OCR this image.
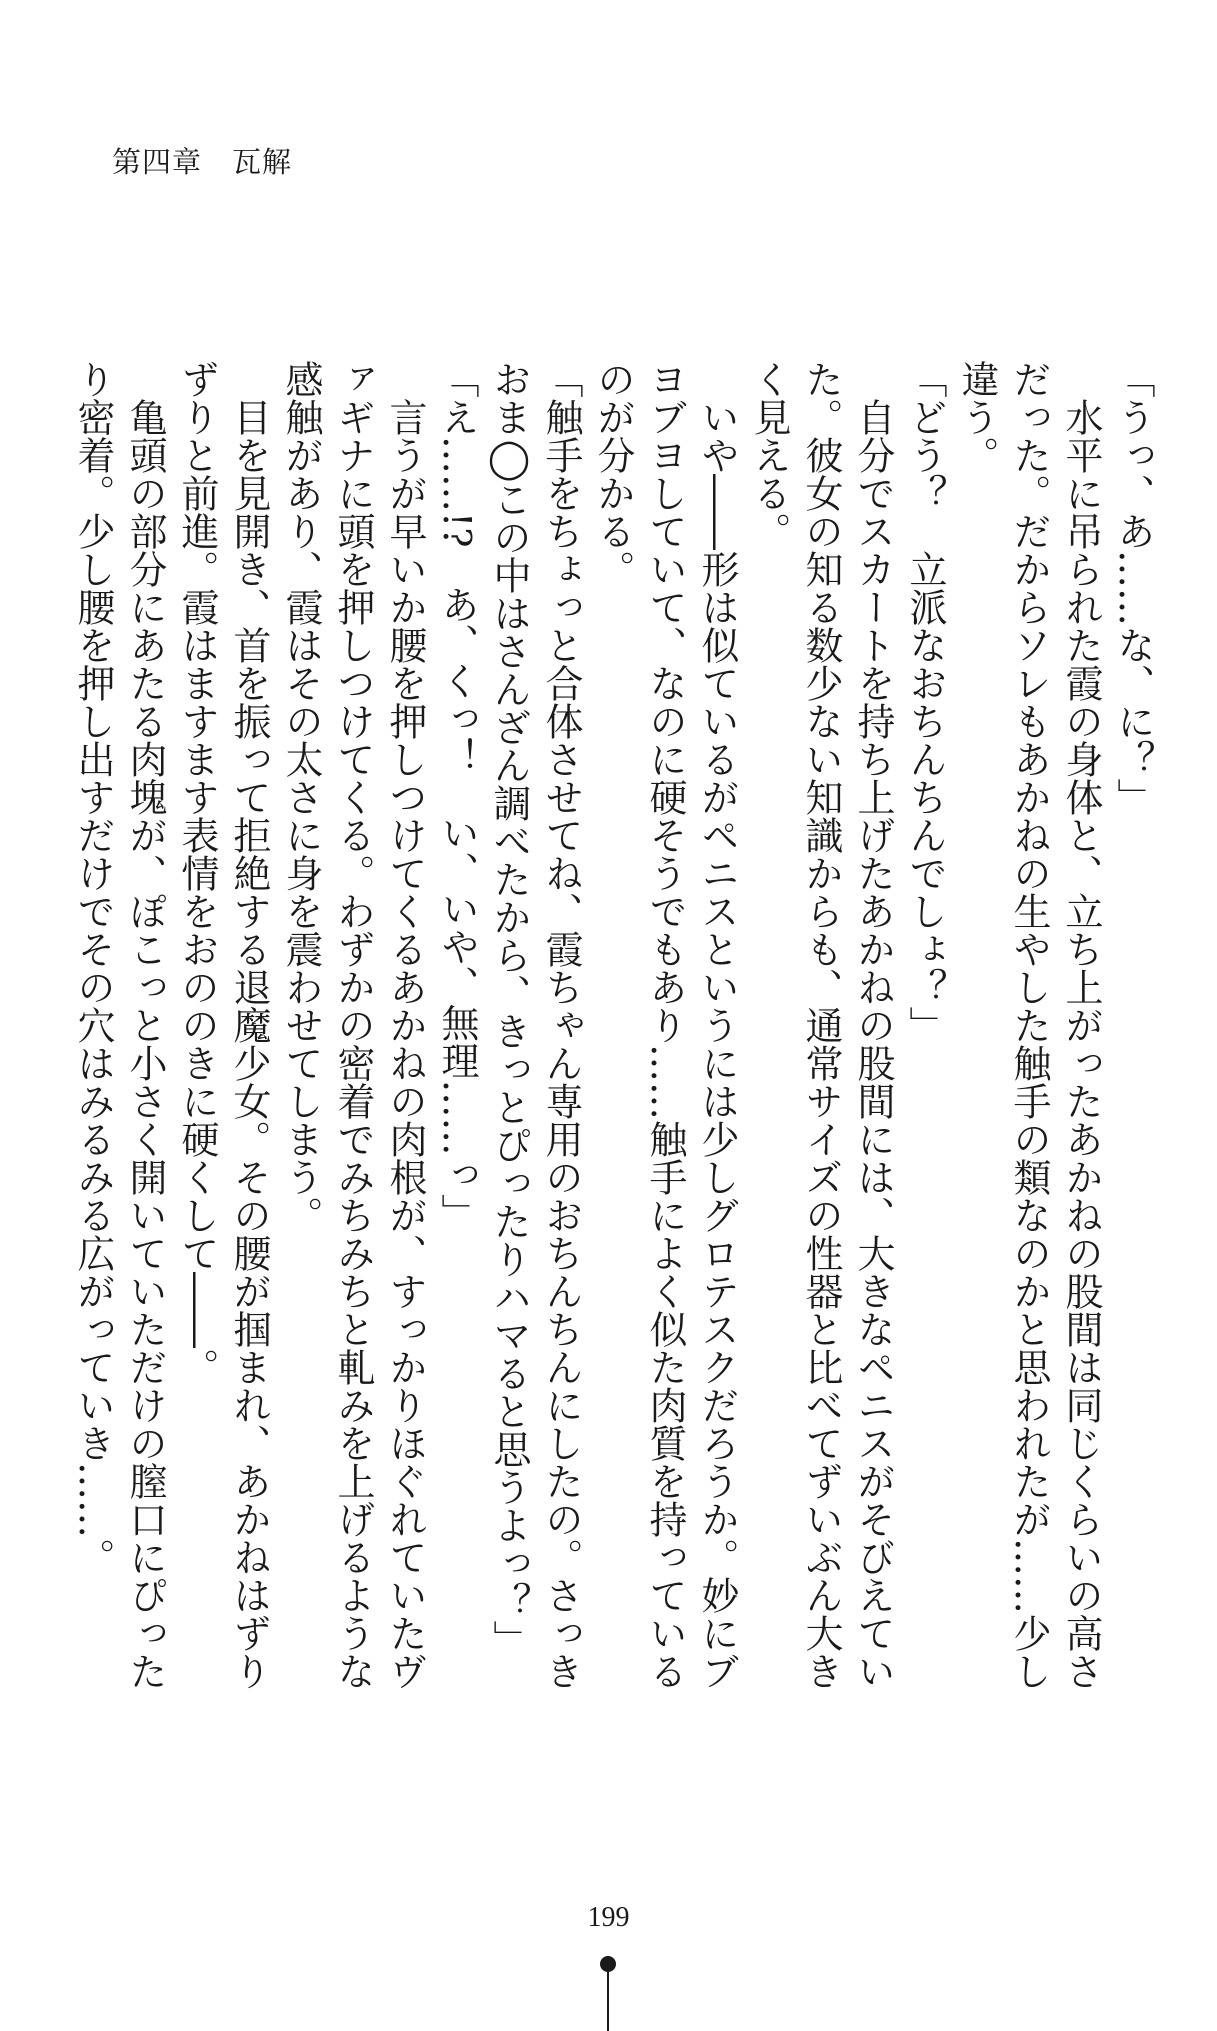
第四章　瓦解

「うっ、あ……な、に？」

　水平に吊られた霞の身体と、立ち上がったあかねの股間は同じくらいの高さだった。だからソレもあかねの生やした触手の類なのかと思われたが……少し違う。

「どう？　立派なおちんちんでしょ？」

　自分でスカートを持ち上げたあかねの股間には、大きなペニスがそびえていた。彼女の知る数少ない知識からも、通常サイズの性器と比べてずいぶん大きく見える。

　いや――形は似ているがペニスというには少しグロテスクだろうか。妙にブヨブヨしていて、なのに硬そうでもあり……触手によく似た肉質を持っているのが分かる。

「触手をちょっと合体させてね、霞ちゃん専用のおちんちんにしたの。さっきおま◯この中はさんざん調べたから、きっとぴったりハマると思うよっ？」

「え……!?　あ、くっ！　い、いや、無理……っ」

　言うが早いか腰を押しつけてくるあかねの肉根が、すっかりほぐれていたヴァギナに頭を押しつけてくる。わずかの密着でみちみちと軋みを上げるような感触があり、霞はその太さに身を震わせてしまう。

　目を見開き、首を振って拒絶する退魔少女。その腰が掴まれ、あかねはずりずりと前進。霞はますます表情をおののきに硬くして――。

　亀頭の部分にあたる肉塊が、ぽこっと小さく開いていただけの膣口にぴったり密着。少し腰を押し出すだけでその穴はみるみる広がっていき……。

199
